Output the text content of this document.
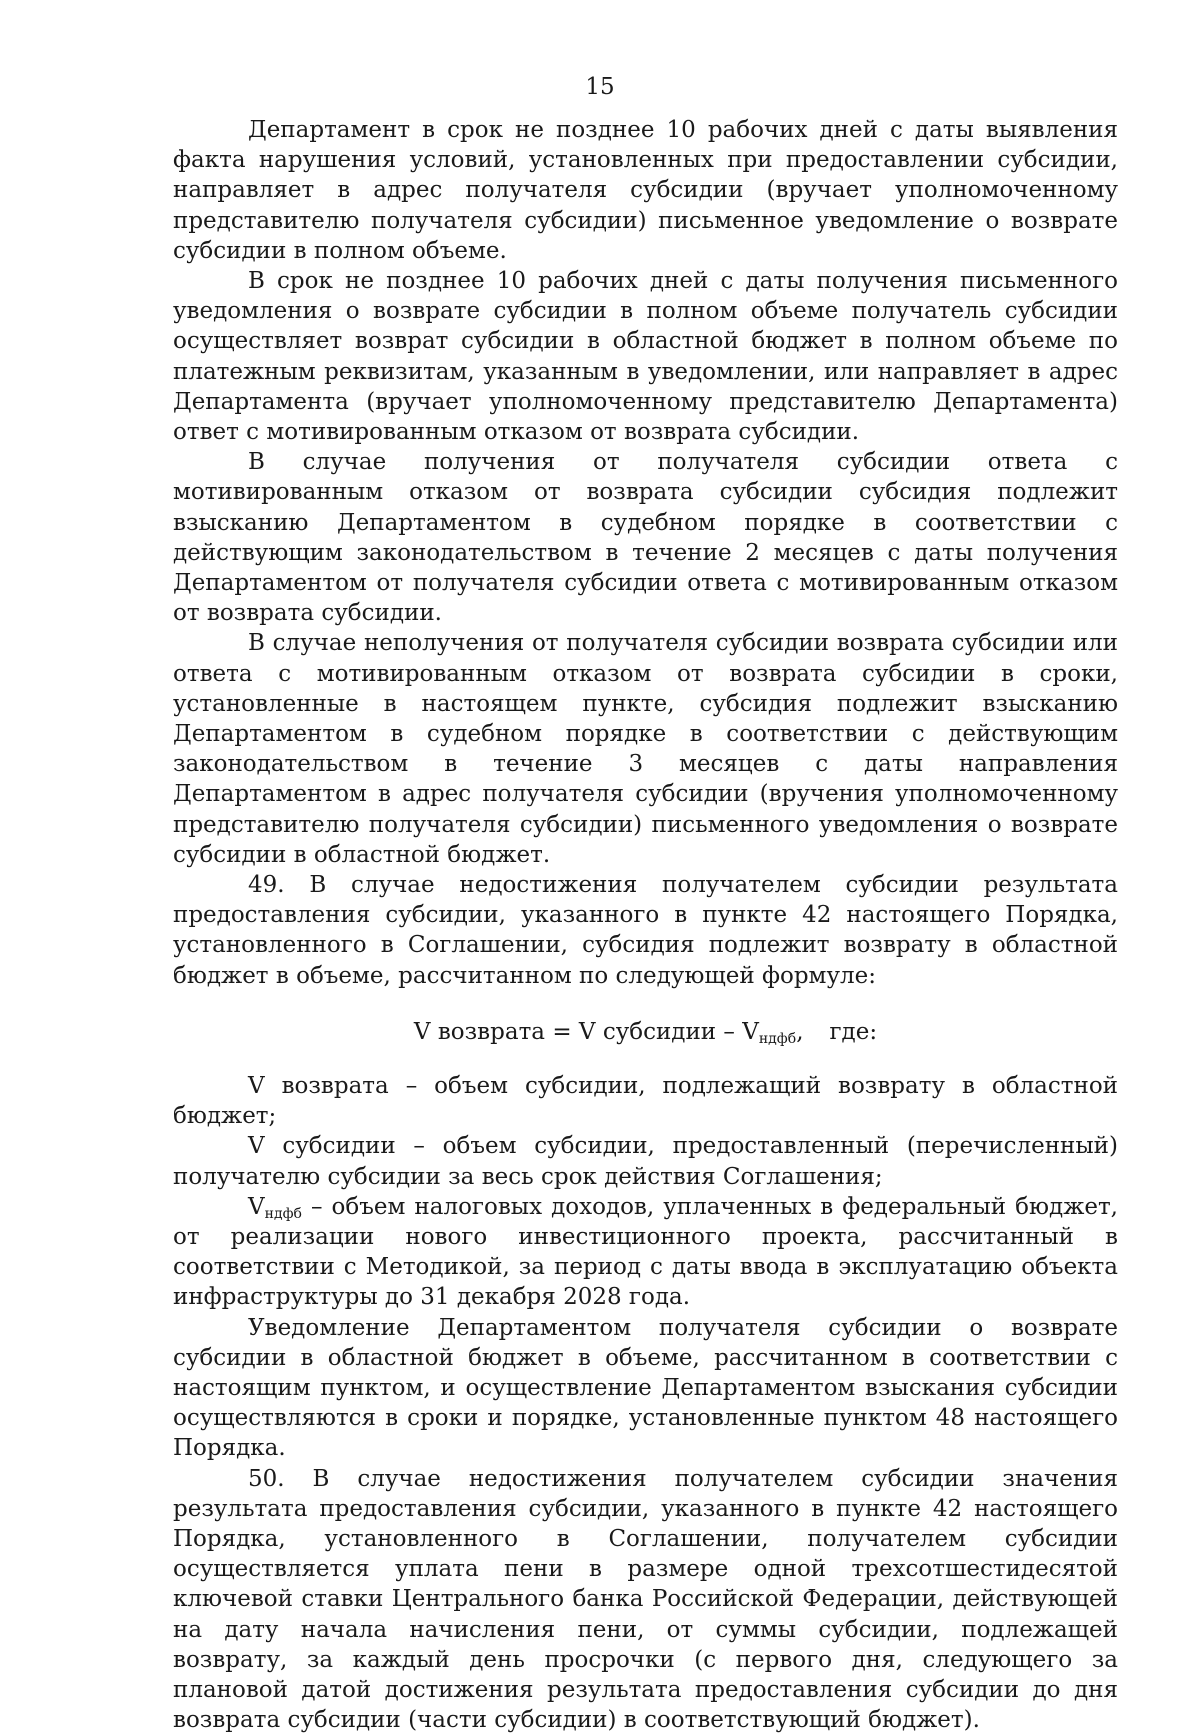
15

Департамент в срок не позднее 10 рабочих дней с даты выявления факта нарушения условий, установленных при предоставлении субсидии, направляет в адрес получателя субсидии (вручает уполномоченному представителю получателя субсидии) письменное уведомление о возврате субсидии в полном объеме.

В срок не позднее 10 рабочих дней с даты получения письменного уведомления о возврате субсидии в полном объеме получатель субсидии осуществляет возврат субсидии в областной бюджет в полном объеме по платежным реквизитам, указанным в уведомлении, или направляет в адрес Департамента (вручает уполномоченному представителю Департамента) ответ с мотивированным отказом от возврата субсидии.

В случае получения от получателя субсидии ответа с мотивированным отказом от возврата субсидии субсидия подлежит взысканию Департаментом в судебном порядке в соответствии с действующим законодательством в течение 2 месяцев с даты получения Департаментом от получателя субсидии ответа с мотивированным отказом от возврата субсидии.

В случае неполучения от получателя субсидии возврата субсидии или ответа с мотивированным отказом от возврата субсидии в сроки, установленные в настоящем пункте, субсидия подлежит взысканию Департаментом в судебном порядке в соответствии с действующим законодательством в течение 3 месяцев с даты направления Департаментом в адрес получателя субсидии (вручения уполномоченному представителю получателя субсидии) письменного уведомления о возврате субсидии в областной бюджет.

49. В случае недостижения получателем субсидии результата предоставления субсидии, указанного в пункте 42 настоящего Порядка, установленного в Соглашении, субсидия подлежит возврату в областной бюджет в объеме, рассчитанном по следующей формуле:

V возврата = V субсидии – $V_{ндфб}$, где:

V возврата – объем субсидии, подлежащий возврату в областной бюджет;

V субсидии – объем субсидии, предоставленный (перечисленный) получателю субсидии за весь срок действия Соглашения;

$V_{ндфб}$ – объем налоговых доходов, уплаченных в федеральный бюджет, от реализации нового инвестиционного проекта, рассчитанный в соответствии с Методикой, за период с даты ввода в эксплуатацию объекта инфраструктуры до 31 декабря 2028 года.

Уведомление Департаментом получателя субсидии о возврате субсидии в областной бюджет в объеме, рассчитанном в соответствии с настоящим пунктом, и осуществление Департаментом взыскания субсидии осуществляются в сроки и порядке, установленные пунктом 48 настоящего Порядка.

50. В случае недостижения получателем субсидии значения результата предоставления субсидии, указанного в пункте 42 настоящего Порядка, установленного в Соглашении, получателем субсидии осуществляется уплата пени в размере одной трехсотшестидесятой ключевой ставки Центрального банка Российской Федерации, действующей на дату начала начисления пени, от суммы субсидии, подлежащей возврату, за каждый день просрочки (с первого дня, следующего за плановой датой достижения результата предоставления субсидии до дня возврата субсидии (части субсидии) в соответствующий бюджет).
